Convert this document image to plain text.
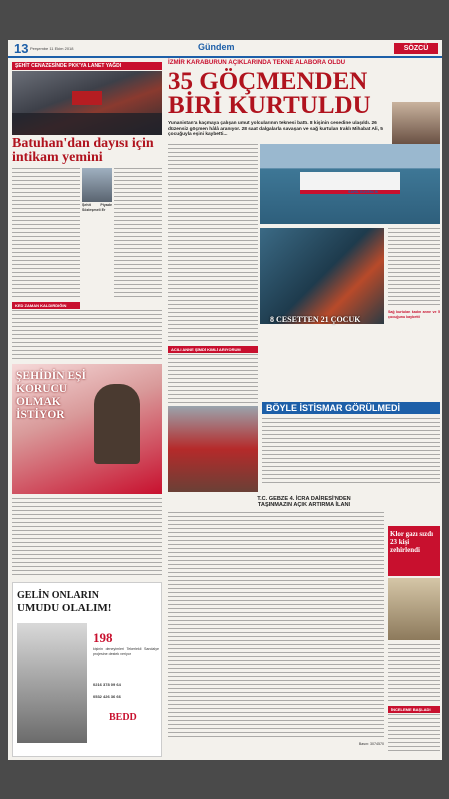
13 Perşembe 11 Ekim 2018	Gündem	SÖZCÜ
ŞEHİT CENAZESİNDE PKK'YA LANET YAĞDI
Batuhan'dan dayısı için intikam yemini
Şehit Piyade Sözleşmeli Er
KED ZAMAN KALDIRDIĞIN
İZMİR KARABURUN AÇIKLARINDA TEKNE ALABORA OLDU
35 GÖÇMENDEN
BİRİ KURTULDU
Yunanistan'a kaçmaya çalışan umut yolcularının teknesi battı. 8 kişinin cesedine ulaşıldı. 26 düzensiz göçmen hâlâ aranıyor. 28 saat dalgalarla savaşan ve sağ kurtulan Iraklı Mihabat Ali, 5 çocuğuyla eşini kaybetti...
SAHİL GÜVENLİK
ACILI ANNE ŞİMDİ KIMLİ ARIYORUM
8 CESETTEN 21 ÇOCUK
Sağ kurtulan kadın anne ve 5 çocuğunu kaybetti
ŞEHİDİN EŞİ KORUCU OLMAK İSTİYOR
BÖYLE İSTİSMAR GÖRÜLMEDİ
T.C. GEBZE 4. İCRA DAİRESİ'NDEN
TAŞINMAZIN AÇIK ARTIRMA İLANI
Basın: 3074570
GELİN ONLARIN
UMUDU OLALIM!
198
kişinin deneyimleri Tekerlekli Sandalye projesine destek veriyor
0216 378 09 64
0532 426 36 66
BEDD
Klor gazı sızdı 23 kişi zehirlendi
İNCELEME BAŞLADI
